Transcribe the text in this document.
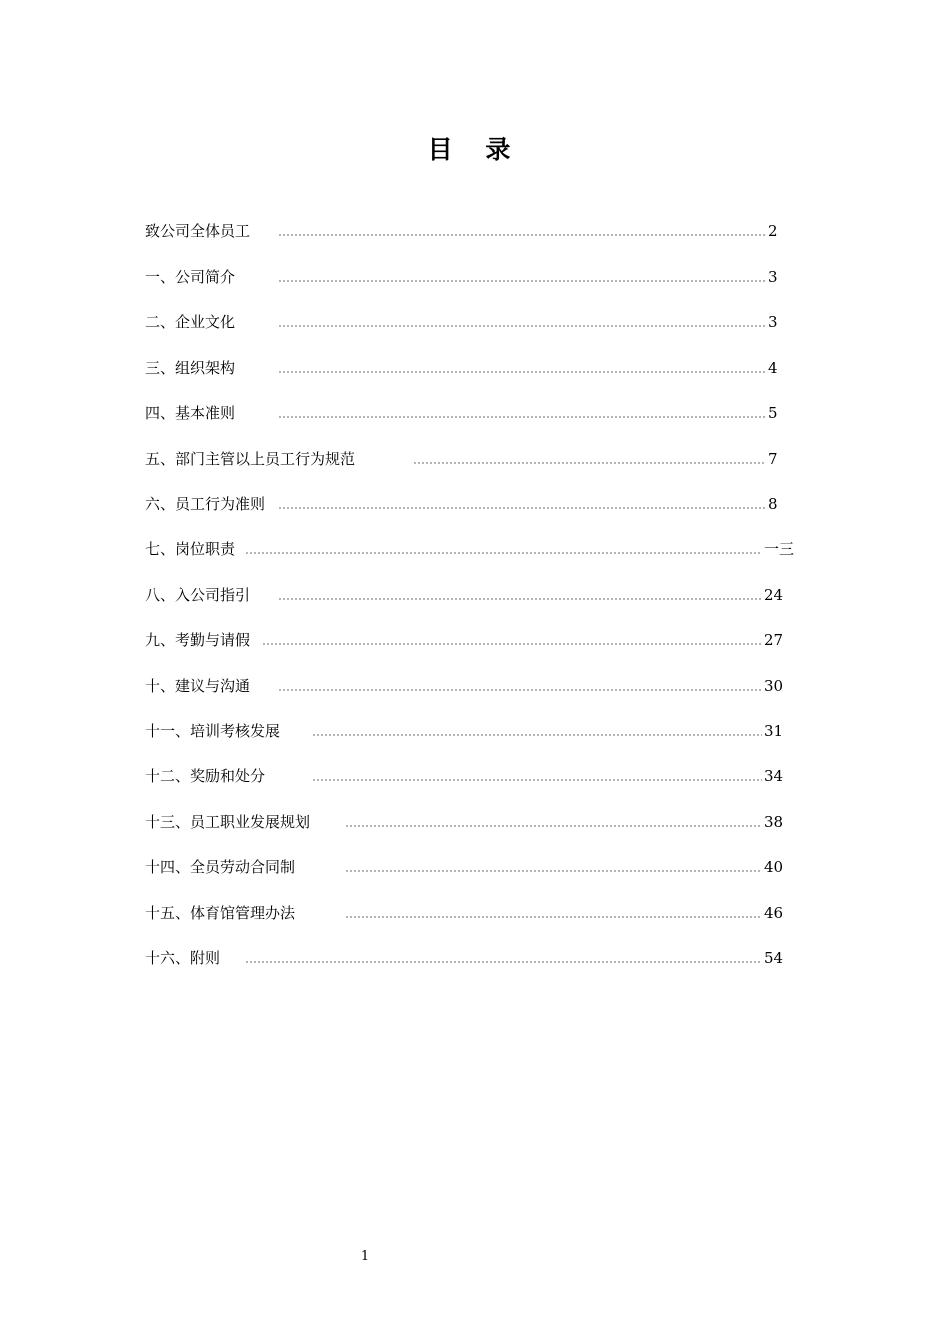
目 录
致公司全体员工	2
一、公司简介	3
二、企业文化	3
三、组织架构	4
四、基本准则	5
五、部门主管以上员工行为规范	7
六、员工行为准则	8
七、岗位职责	一三
八、入公司指引	24
九、考勤与请假	27
十、建议与沟通	30
十一、培训考核发展	31
十二、奖励和处分	34
十三、员工职业发展规划	38
十四、全员劳动合同制	40
十五、体育馆管理办法	46
十六、附则	54
1
